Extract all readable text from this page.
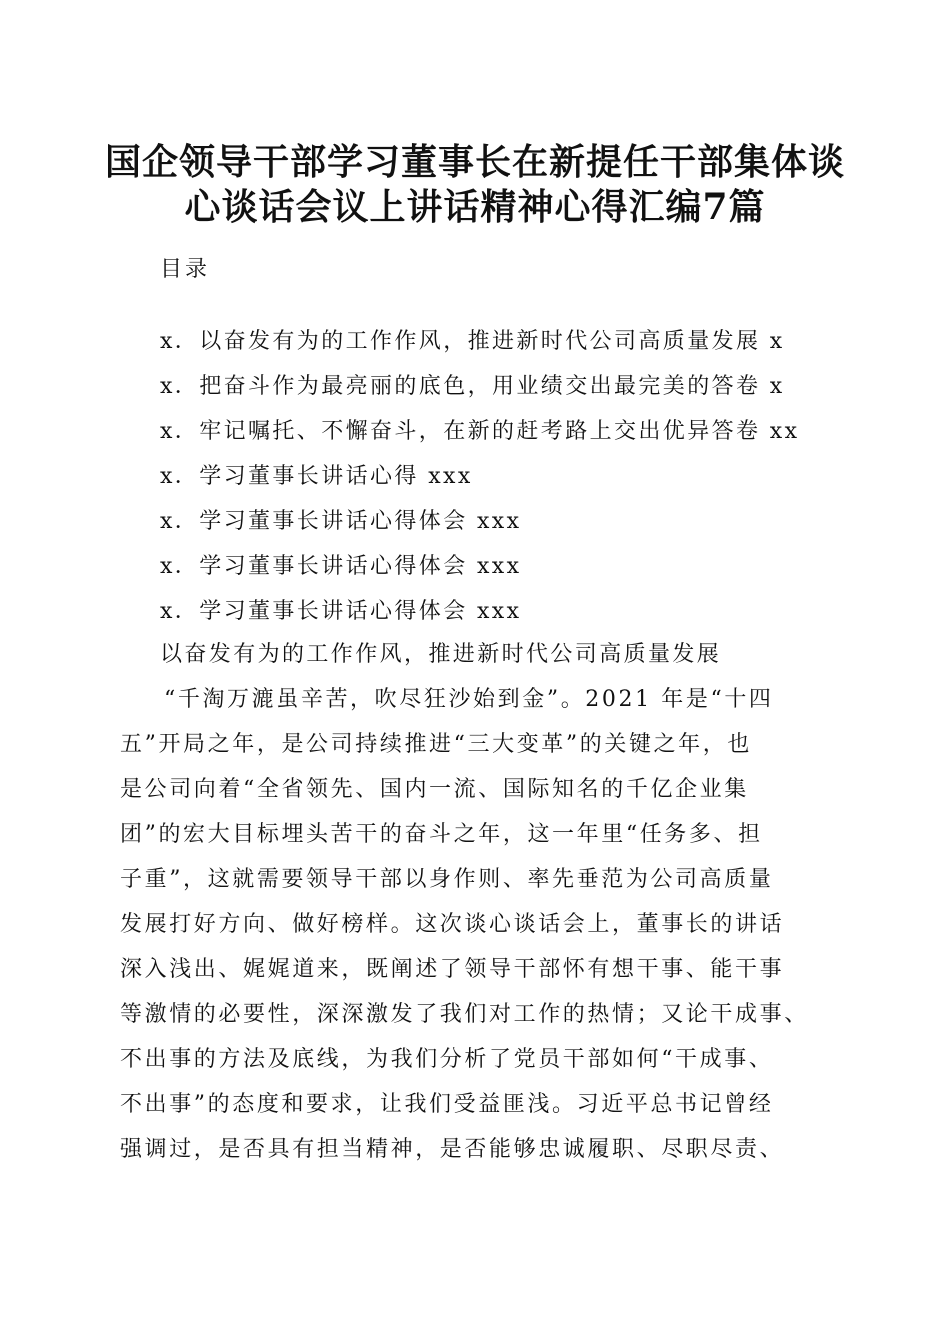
国企领导干部学习董事长在新提任干部集体谈
心谈话会议上讲话精神心得汇编7篇
目录
x．以奋发有为的工作作风，推进新时代公司高质量发展 x
x．把奋斗作为最亮丽的底色，用业绩交出最完美的答卷 x
x．牢记嘱托、不懈奋斗，在新的赶考路上交出优异答卷 xx
x．学习董事长讲话心得 xxx
x．学习董事长讲话心得体会 xxx
x．学习董事长讲话心得体会 xxx
x．学习董事长讲话心得体会 xxx
以奋发有为的工作作风，推进新时代公司高质量发展
“千淘万漉虽辛苦，吹尽狂沙始到金”。2021 年是“十四
五”开局之年，是公司持续推进“三大变革”的关键之年，也
是公司向着“全省领先、国内一流、国际知名的千亿企业集
团”的宏大目标埋头苦干的奋斗之年，这一年里“任务多、担
子重”，这就需要领导干部以身作则、率先垂范为公司高质量
发展打好方向、做好榜样。这次谈心谈话会上，董事长的讲话
深入浅出、娓娓道来，既阐述了领导干部怀有想干事、能干事
等激情的必要性，深深激发了我们对工作的热情；又论干成事、
不出事的方法及底线，为我们分析了党员干部如何“干成事、
不出事”的态度和要求，让我们受益匪浅。习近平总书记曾经
强调过，是否具有担当精神，是否能够忠诚履职、尽职尽责、
